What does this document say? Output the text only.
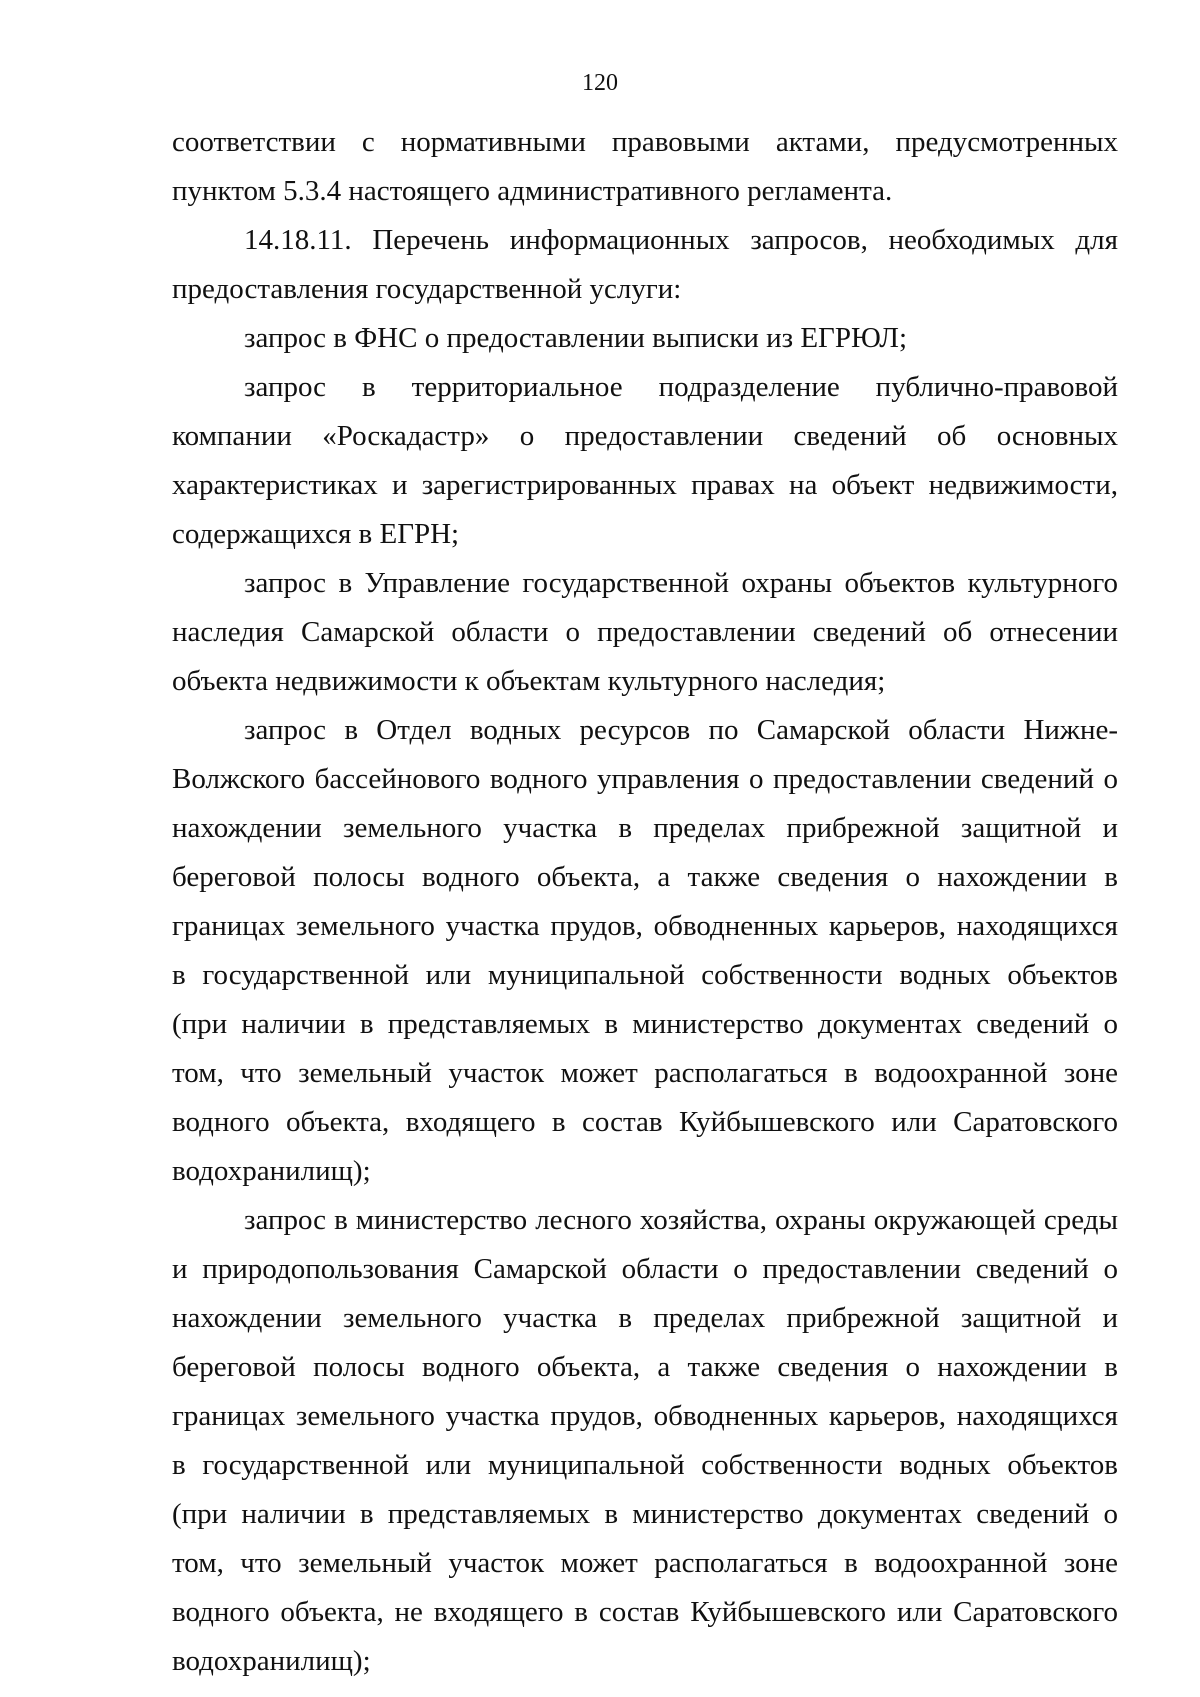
120

соответствии с нормативными правовыми актами, предусмотренных пунктом 5.3.4 настоящего административного регламента.

14.18.11. Перечень информационных запросов, необходимых для предоставления государственной услуги:

запрос в ФНС о предоставлении выписки из ЕГРЮЛ;

запрос в территориальное подразделение публично-правовой компании «Роскадастр» о предоставлении сведений об основных характеристиках и зарегистрированных правах на объект недвижимости, содержащихся в ЕГРН;

запрос в Управление государственной охраны объектов культурного наследия Самарской области о предоставлении сведений об отнесении объекта недвижимости к объектам культурного наследия;

запрос в Отдел водных ресурсов по Самарской области Нижне-Волжского бассейнового водного управления о предоставлении сведений о нахождении земельного участка в пределах прибрежной защитной и береговой полосы водного объекта, а также сведения о нахождении в границах земельного участка прудов, обводненных карьеров, находящихся в государственной или муниципальной собственности водных объектов (при наличии в представляемых в министерство документах сведений о том, что земельный участок может располагаться в водоохранной зоне водного объекта, входящего в состав Куйбышевского или Саратовского водохранилищ);

запрос в министерство лесного хозяйства, охраны окружающей среды и природопользования Самарской области о предоставлении сведений о нахождении земельного участка в пределах прибрежной защитной и береговой полосы водного объекта, а также сведения о нахождении в границах земельного участка прудов, обводненных карьеров, находящихся в государственной или муниципальной собственности водных объектов (при наличии в представляемых в министерство документах сведений о том, что земельный участок может располагаться в водоохранной зоне водного объекта, не входящего в состав Куйбышевского или Саратовского водохранилищ);
